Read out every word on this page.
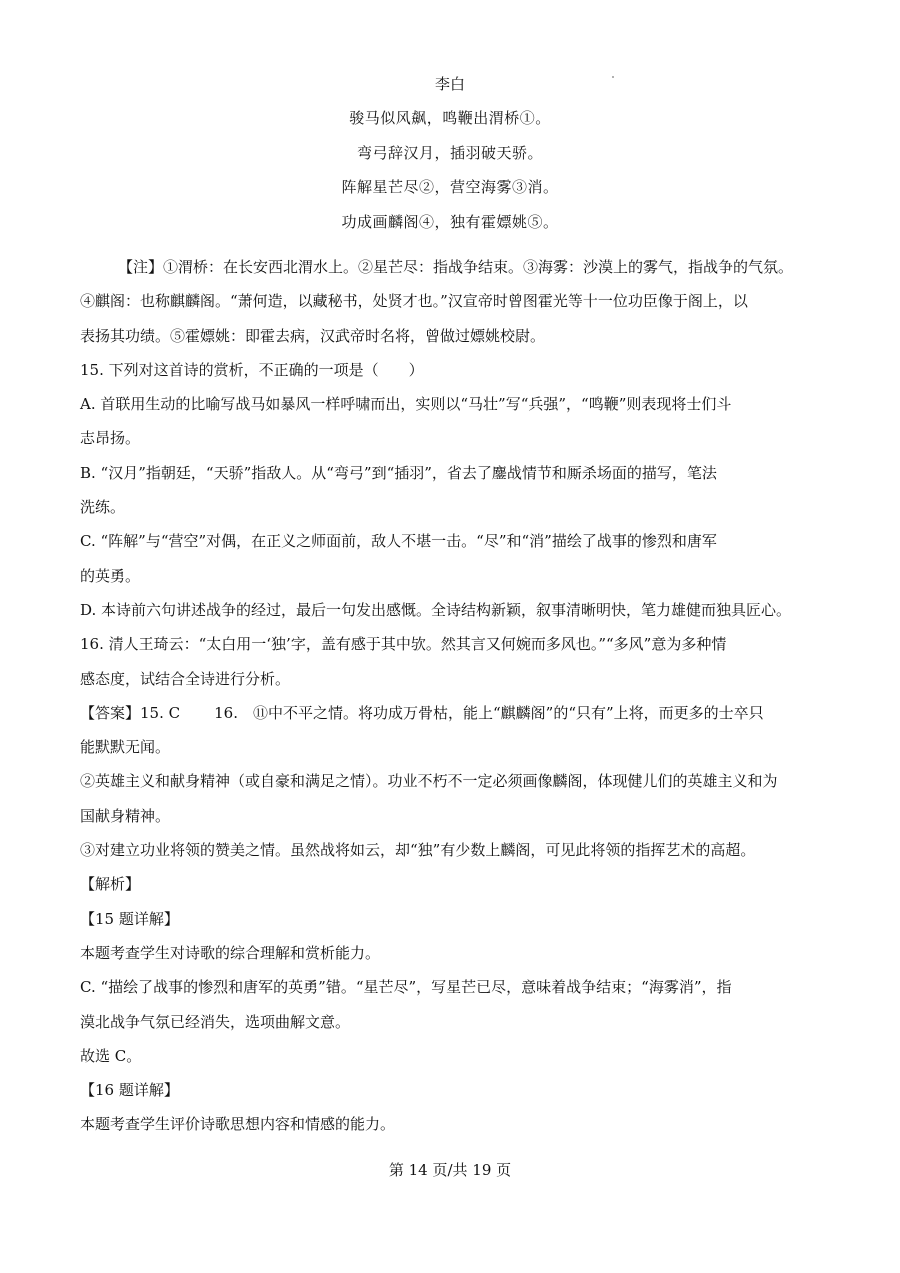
李白
骏马似风飙，鸣鞭出渭桥①。
弯弓辞汉月，插羽破天骄。
阵解星芒尽②，营空海雾③消。
功成画麟阁④，独有霍嫖姚⑤。

【注】①渭桥：在长安西北渭水上。②星芒尽：指战争结束。③海雾：沙漠上的雾气，指战争的气氛。

④麒阁：也称麒麟阁。“萧何造，以藏秘书，处贤才也。”汉宣帝时曾图霍光等十一位功臣像于阁上，以

表扬其功绩。⑤霍嫖姚：即霍去病，汉武帝时名将，曾做过嫖姚校尉。

15. 下列对这首诗的赏析，不正确的一项是（　　）

A. 首联用生动的比喻写战马如暴风一样呼啸而出，实则以“马壮”写“兵强”，“鸣鞭”则表现将士们斗

志昂扬。

B. “汉月”指朝廷，“天骄”指敌人。从“弯弓”到“插羽”，省去了鏖战情节和厮杀场面的描写，笔法

洗练。

C. “阵解”与“营空”对偶，在正义之师面前，敌人不堪一击。“尽”和“消”描绘了战事的惨烈和唐军

的英勇。

D. 本诗前六句讲述战争的经过，最后一句发出感慨。全诗结构新颖，叙事清晰明快，笔力雄健而独具匠心。

16. 清人王琦云：“太白用一‘独’字，盖有感于其中欤。然其言又何婉而多风也。”“多风”意为多种情

感态度，试结合全诗进行分析。

【答案】15. C 16.　 ⑪中不平之情。将功成万骨枯，能上“麒麟阁”的“只有”上将，而更多的士卒只

能默默无闻。

②英雄主义和献身精神（或自豪和满足之情）。功业不朽不一定必须画像麟阁，体现健儿们的英雄主义和为

国献身精神。

③对建立功业将领的赞美之情。虽然战将如云，却“独”有少数上麟阁，可见此将领的指挥艺术的高超。

【解析】

【15 题详解】

本题考查学生对诗歌的综合理解和赏析能力。

C. “描绘了战事的惨烈和唐军的英勇”错。“星芒尽”，写星芒已尽，意味着战争结束；“海雾消”，指

漠北战争气氛已经消失，选项曲解文意。

故选 C。

【16 题详解】

本题考查学生评价诗歌思想内容和情感的能力。

第 14 页/共 19 页
